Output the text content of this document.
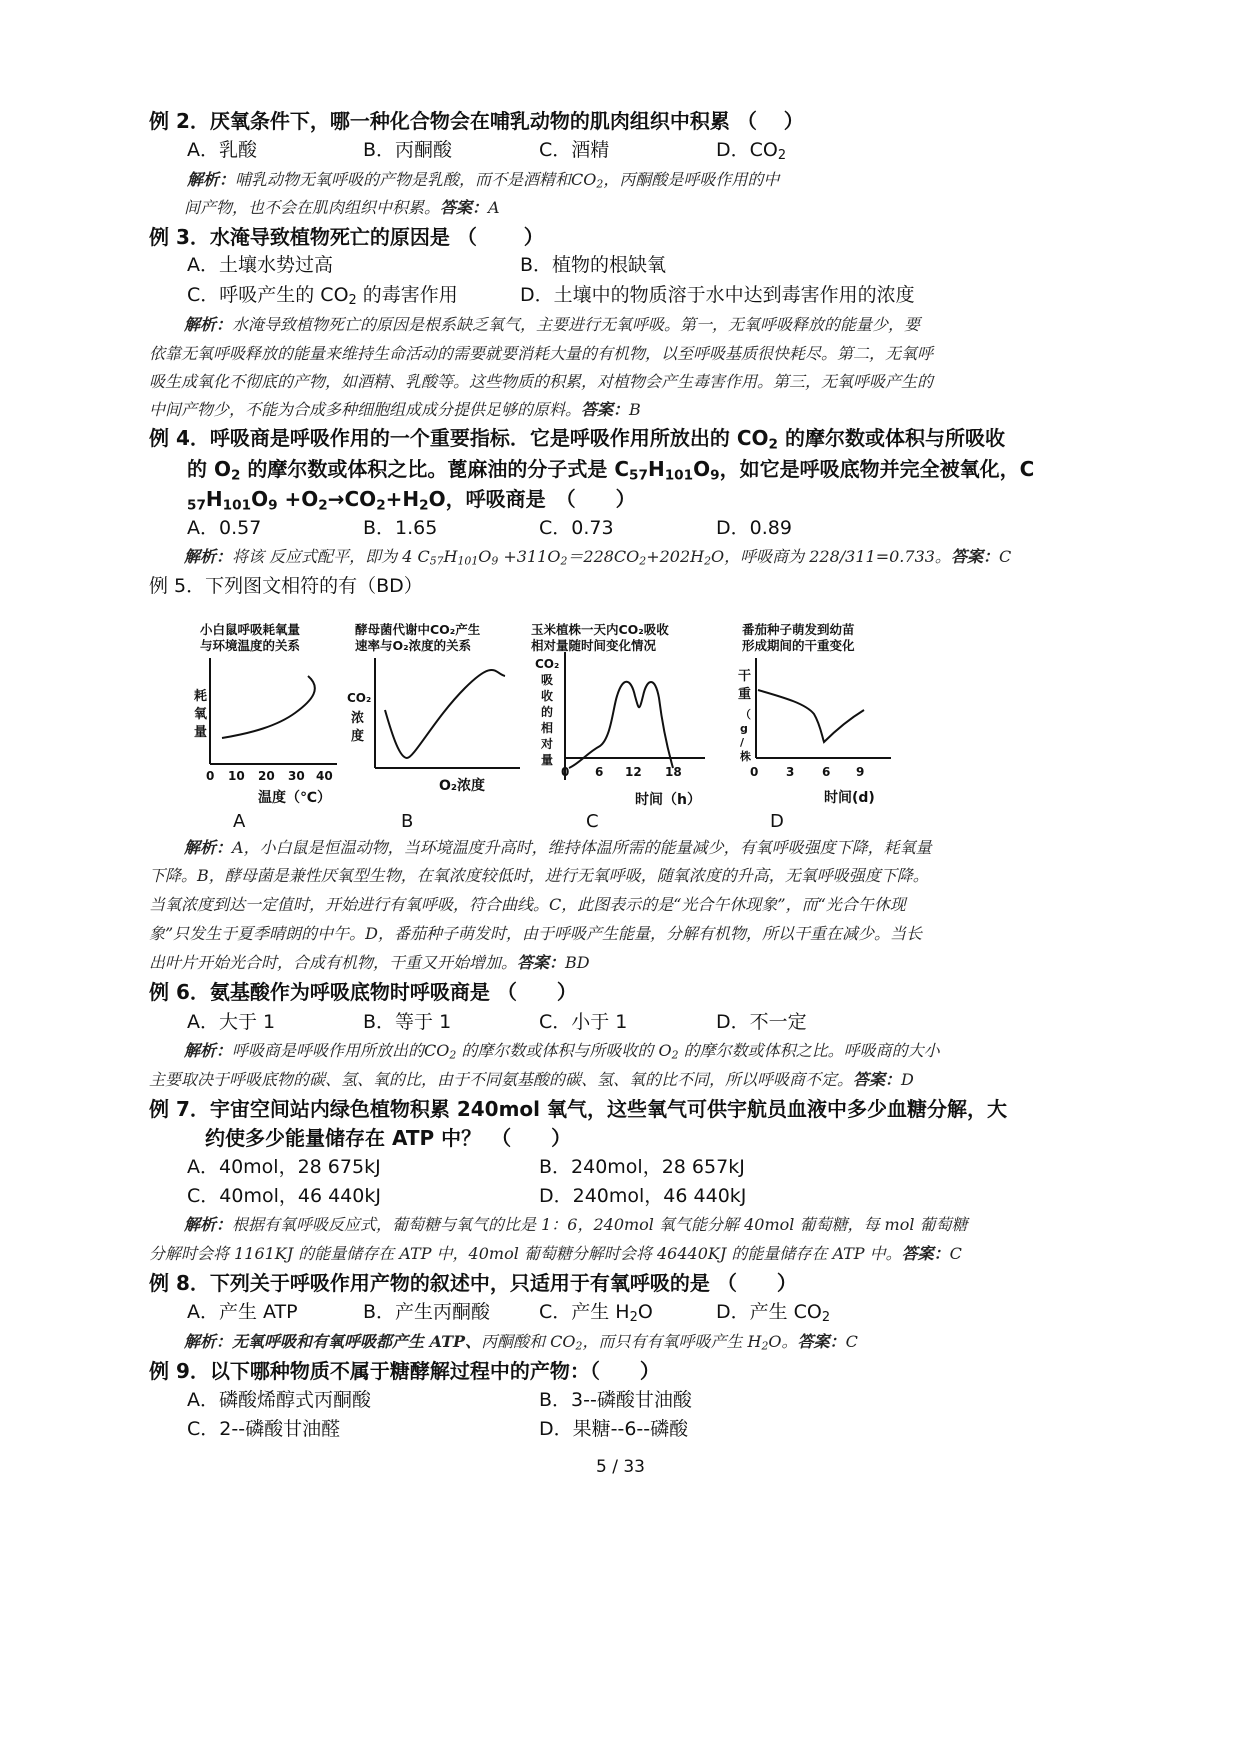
例 2．厌氧条件下，哪一种化合物会在哺乳动物的肌肉组织中积累 （　 ）
A．乳酸	B．丙酮酸	C．酒精	D．$CO_2$
解析：哺乳动物无氧呼吸的产物是乳酸，而不是酒精和$CO_2$，丙酮酸是呼吸作用的中
间产物，也不会在肌肉组织中积累。答案：A
例 3．水淹导致植物死亡的原因是 （　　 ）
A．土壤水势过高	B．植物的根缺氧
C．呼吸产生的 $CO_2$ 的毒害作用	D．土壤中的物质溶于水中达到毒害作用的浓度
解析：水淹导致植物死亡的原因是根系缺乏氧气，主要进行无氧呼吸。第一，无氧呼吸释放的能量少，要
依靠无氧呼吸释放的能量来维持生命活动的需要就要消耗大量的有机物，以至呼吸基质很快耗尽。第二，无氧呼
吸生成氧化不彻底的产物，如酒精、乳酸等。这些物质的积累，对植物会产生毒害作用。第三，无氧呼吸产生的
中间产物少，不能为合成多种细胞组成成分提供足够的原料。答案：B
例 4．呼吸商是呼吸作用的一个重要指标．它是呼吸作用所放出的 $CO_2$ 的摩尔数或体积与所吸收
的 $O_2$ 的摩尔数或体积之比。蓖麻油的分子式是 $C_{57}H_{101}O_9$，如它是呼吸底物并完全被氧化，C
$_{57}H_{101}O_9 +O_2\to CO_2+H_2O$，呼吸商是　（　　）
A．0.57	B．1.65	C．0.73	D．0.89
解析：将该 反应式配平，即为 4 $C_{57}H_{101}O_9 +311O_2=228CO_2+202H_2O$，呼吸商为 228/311=0.733。答案：C
例 5．下列图文相符的有（BD）
小白鼠呼吸耗氧量
与环境温度的关系
耗
氧
量
0 10 20 30 40
温度（℃）
A
酵母菌代谢中CO₂产生
速率与O₂浓度的关系
CO₂
浓
度
O₂浓度
B
玉米植株一天内CO₂吸收
相对量随时间变化情况
CO₂
吸
收
的
相
对
量
0 6 12 18
时间（h）
C
番茄种子萌发到幼苗
形成期间的干重变化
干
重
（
g
/
株
0 3 6 9
时间(d)
D
解析：A，小白鼠是恒温动物，当环境温度升高时，维持体温所需的能量减少，有氧呼吸强度下降，耗氧量
下降。B，酵母菌是兼性厌氧型生物，在氧浓度较低时，进行无氧呼吸，随氧浓度的升高，无氧呼吸强度下降。
当氧浓度到达一定值时，开始进行有氧呼吸，符合曲线。C，此图表示的是“光合午休现象”，而“光合午休现
象”只发生于夏季晴朗的中午。D，番茄种子萌发时，由于呼吸产生能量，分解有机物，所以干重在减少。当长
出叶片开始光合时，合成有机物，干重又开始增加。答案：BD
例 6．氨基酸作为呼吸底物时呼吸商是 （　　）
A．大于 1	B．等于 1	C．小于 1	D．不一定
解析：呼吸商是呼吸作用所放出的$CO_2$ 的摩尔数或体积与所吸收的 $O_2$ 的摩尔数或体积之比。呼吸商的大小
主要取决于呼吸底物的碳、氢、氧的比，由于不同氨基酸的碳、氢、氧的比不同，所以呼吸商不定。答案：D
例 7．宇宙空间站内绿色植物积累 240mol 氧气，这些氧气可供宇航员血液中多少血糖分解，大
约使多少能量储存在 ATP 中？　（　　）
A．40mol，28 675kJ	B．240mol，28 657kJ
C．40mol，46 440kJ	D．240mol，46 440kJ
解析：根据有氧呼吸反应式，葡萄糖与氧气的比是 1：6，240mol 氧气能分解 40mol 葡萄糖，每 mol 葡萄糖
分解时会将 1161KJ 的能量储存在 ATP 中，40mol 葡萄糖分解时会将 46440KJ 的能量储存在 ATP 中。答案：C
例 8．下列关于呼吸作用产物的叙述中，只适用于有氧呼吸的是 （　　）
A．产生 ATP	B．产生丙酮酸	C．产生 $H_2O$	D．产生 $CO_2$
解析：无氧呼吸和有氧呼吸都产生 ATP、丙酮酸和 $CO_2$，而只有有氧呼吸产生 $H_2O$。答案：C
例 9．以下哪种物质不属于糖酵解过程中的产物：（　　）
A．磷酸烯醇式丙酮酸	B．3--磷酸甘油酸
C．2--磷酸甘油醛	D．果糖--6--磷酸
5 / 33
